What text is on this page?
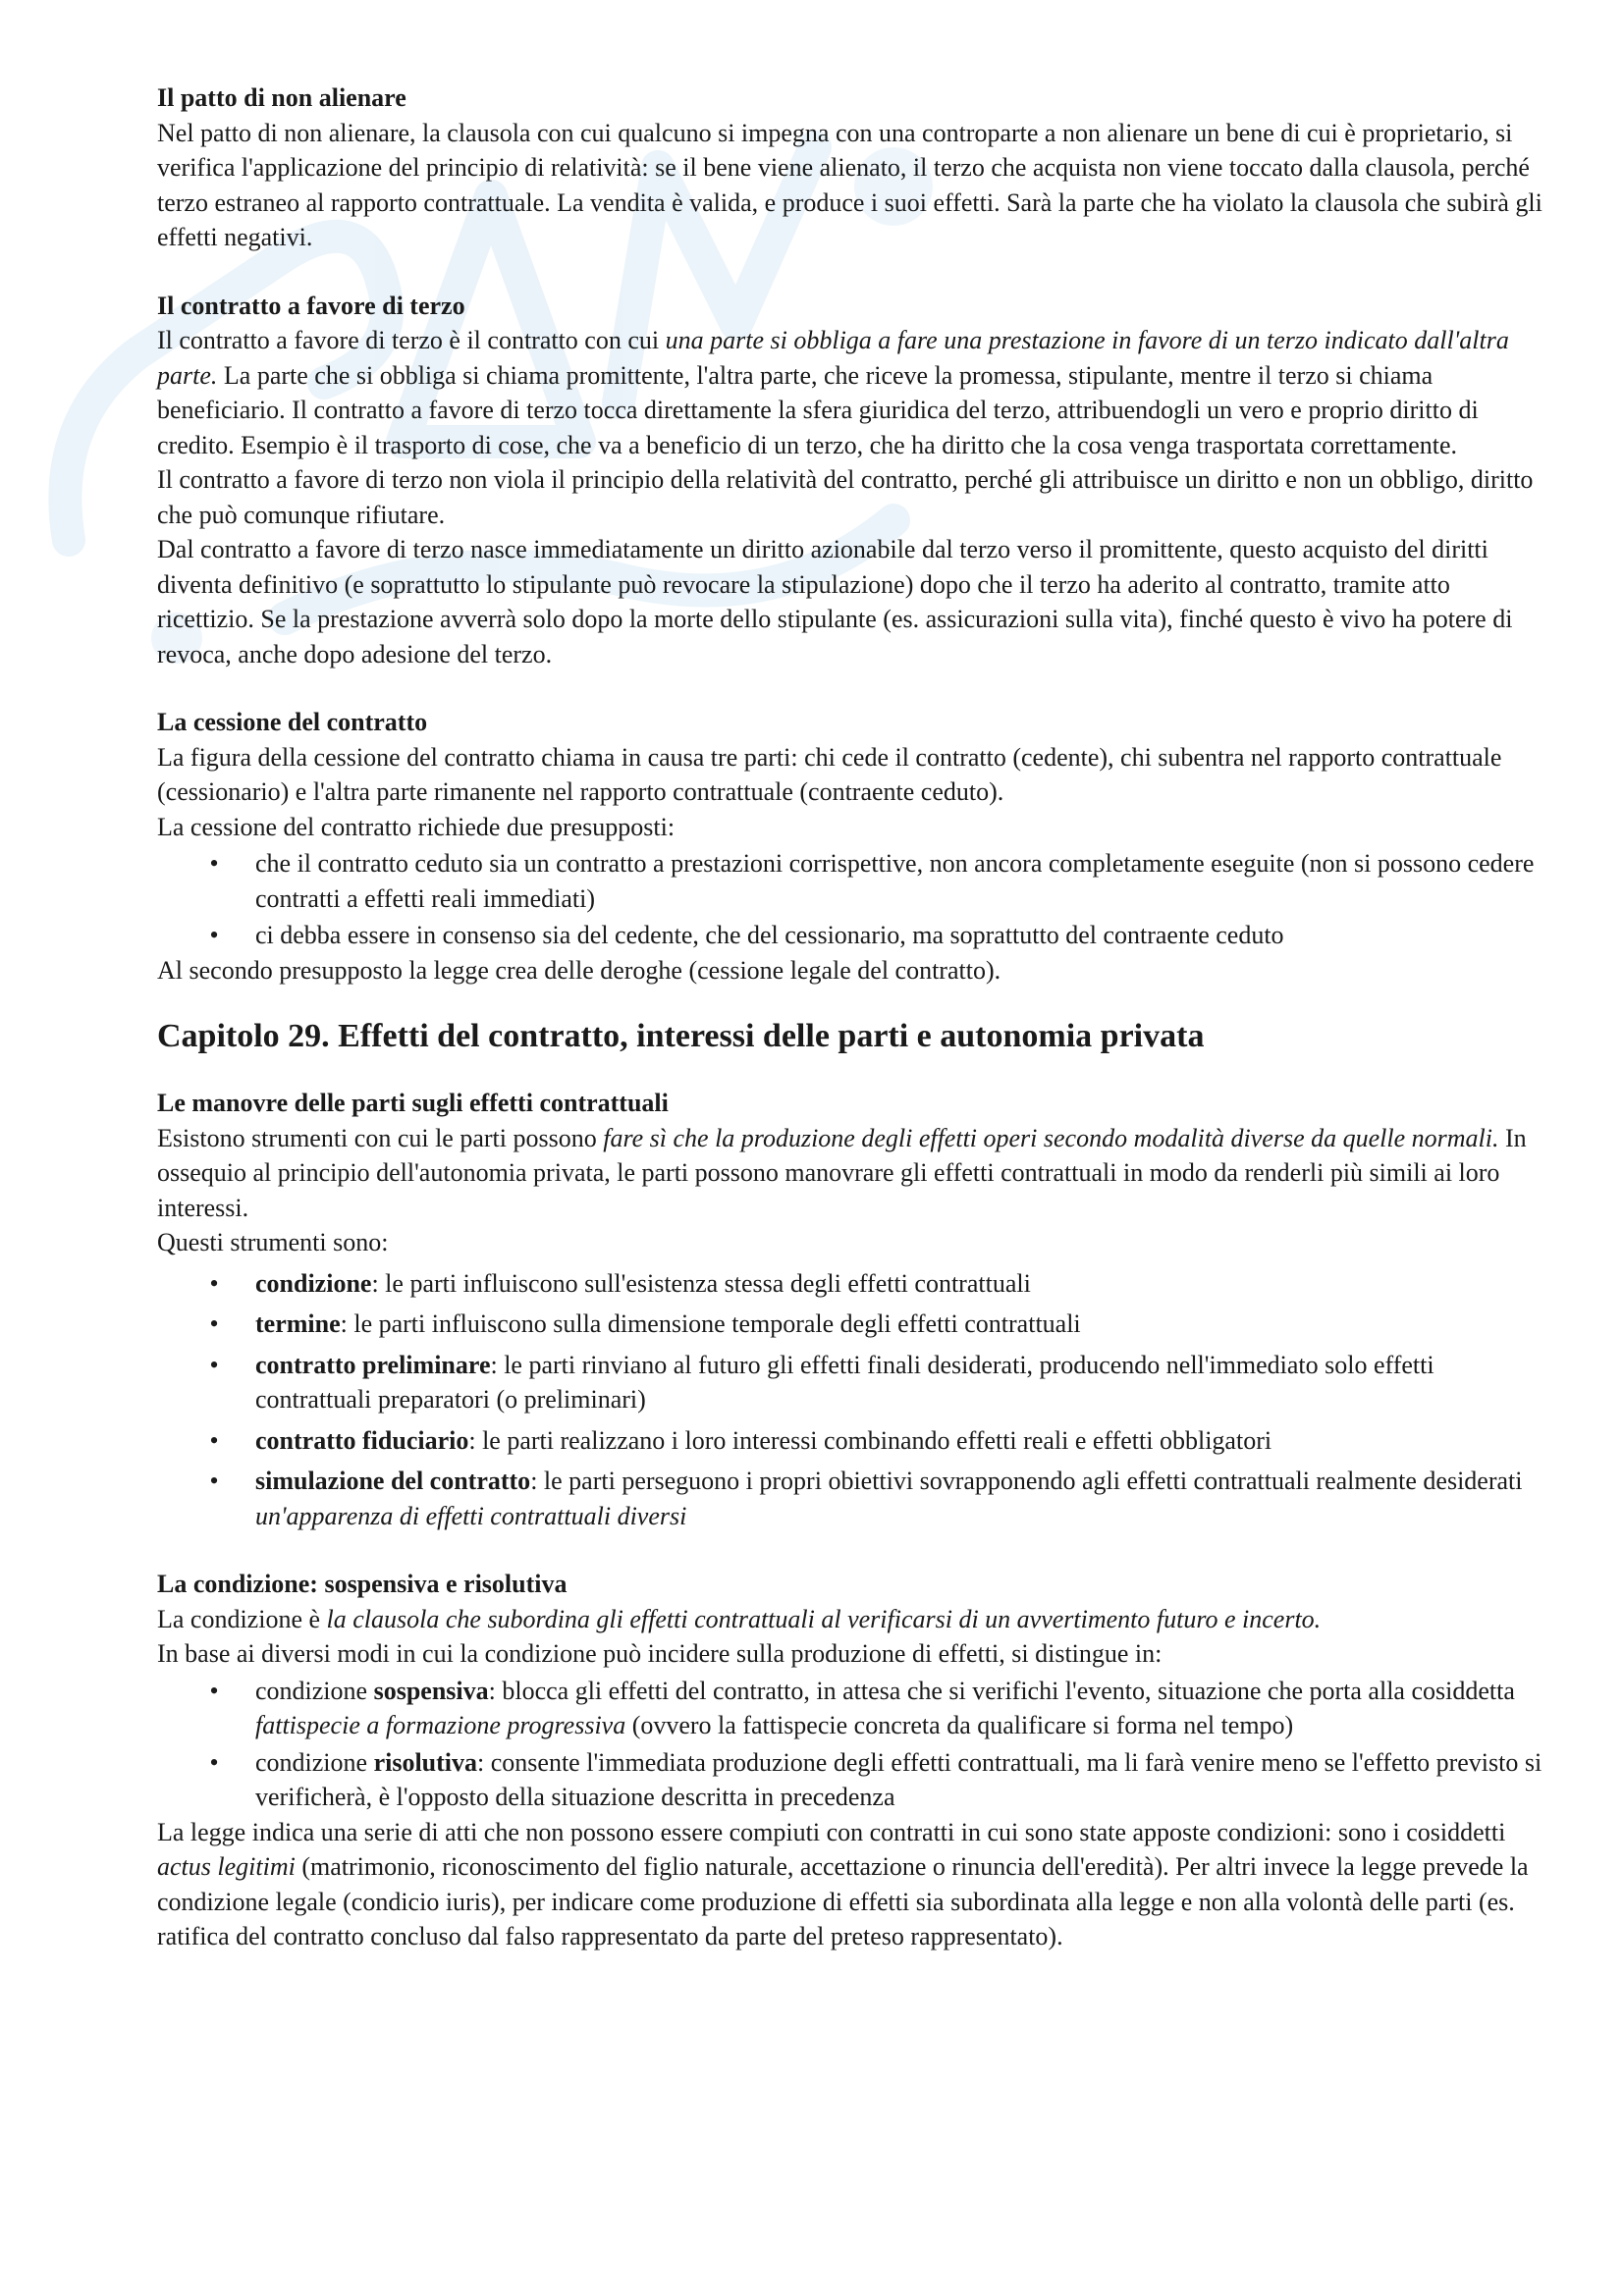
Il patto di non alienare

Nel patto di non alienare, la clausola con cui qualcuno si impegna con una controparte a non alienare un bene di cui è proprietario, si verifica l'applicazione del principio di relatività: se il bene viene alienato, il terzo che acquista non viene toccato dalla clausola, perché terzo estraneo al rapporto contrattuale. La vendita è valida, e produce i suoi effetti. Sarà la parte che ha violato la clausola che subirà gli effetti negativi.

Il contratto a favore di terzo

Il contratto a favore di terzo è il contratto con cui una parte si obbliga a fare una prestazione in favore di un terzo indicato dall'altra parte. La parte che si obbliga si chiama promittente, l'altra parte, che riceve la promessa, stipulante, mentre il terzo si chiama beneficiario. Il contratto a favore di terzo tocca direttamente la sfera giuridica del terzo, attribuendogli un vero e proprio diritto di credito. Esempio è il trasporto di cose, che va a beneficio di un terzo, che ha diritto che la cosa venga trasportata correttamente.

Il contratto a favore di terzo non viola il principio della relatività del contratto, perché gli attribuisce un diritto e non un obbligo, diritto che può comunque rifiutare.

Dal contratto a favore di terzo nasce immediatamente un diritto azionabile dal terzo verso il promittente, questo acquisto del diritti diventa definitivo (e soprattutto lo stipulante può revocare la stipulazione) dopo che il terzo ha aderito al contratto, tramite atto ricettizio. Se la prestazione avverrà solo dopo la morte dello stipulante (es. assicurazioni sulla vita), finché questo è vivo ha potere di revoca, anche dopo adesione del terzo.

La cessione del contratto

La figura della cessione del contratto chiama in causa tre parti: chi cede il contratto (cedente), chi subentra nel rapporto contrattuale (cessionario) e l'altra parte rimanente nel rapporto contrattuale (contraente ceduto).

La cessione del contratto richiede due presupposti:

• che il contratto ceduto sia un contratto a prestazioni corrispettive, non ancora completamente eseguite (non si possono cedere contratti a effetti reali immediati)
• ci debba essere in consenso sia del cedente, che del cessionario, ma soprattutto del contraente ceduto

Al secondo presupposto la legge crea delle deroghe (cessione legale del contratto).

Capitolo 29. Effetti del contratto, interessi delle parti e autonomia privata
Le manovre delle parti sugli effetti contrattuali

Esistono strumenti con cui le parti possono fare sì che la produzione degli effetti operi secondo modalità diverse da quelle normali. In ossequio al principio dell'autonomia privata, le parti possono manovrare gli effetti contrattuali in modo da renderli più simili ai loro interessi.

Questi strumenti sono:

• condizione: le parti influiscono sull'esistenza stessa degli effetti contrattuali
• termine: le parti influiscono sulla dimensione temporale degli effetti contrattuali
• contratto preliminare: le parti rinviano al futuro gli effetti finali desiderati, producendo nell'immediato solo effetti contrattuali preparatori (o preliminari)
• contratto fiduciario: le parti realizzano i loro interessi combinando effetti reali e effetti obbligatori
• simulazione del contratto: le parti perseguono i propri obiettivi sovrapponendo agli effetti contrattuali realmente desiderati un'apparenza di effetti contrattuali diversi
La condizione: sospensiva e risolutiva

La condizione è la clausola che subordina gli effetti contrattuali al verificarsi di un avvertimento futuro e incerto.

In base ai diversi modi in cui la condizione può incidere sulla produzione di effetti, si distingue in:

• condizione sospensiva: blocca gli effetti del contratto, in attesa che si verifichi l'evento, situazione che porta alla cosiddetta fattispecie a formazione progressiva (ovvero la fattispecie concreta da qualificare si forma nel tempo)
• condizione risolutiva: consente l'immediata produzione degli effetti contrattuali, ma li farà venire meno se l'effetto previsto si verificherà, è l'opposto della situazione descritta in precedenza

La legge indica una serie di atti che non possono essere compiuti con contratti in cui sono state apposte condizioni: sono i cosiddetti actus legitimi (matrimonio, riconoscimento del figlio naturale, accettazione o rinuncia dell'eredità). Per altri invece la legge prevede la condizione legale (condicio iuris), per indicare come produzione di effetti sia subordinata alla legge e non alla volontà delle parti (es. ratifica del contratto concluso dal falso rappresentato da parte del preteso rappresentato).
